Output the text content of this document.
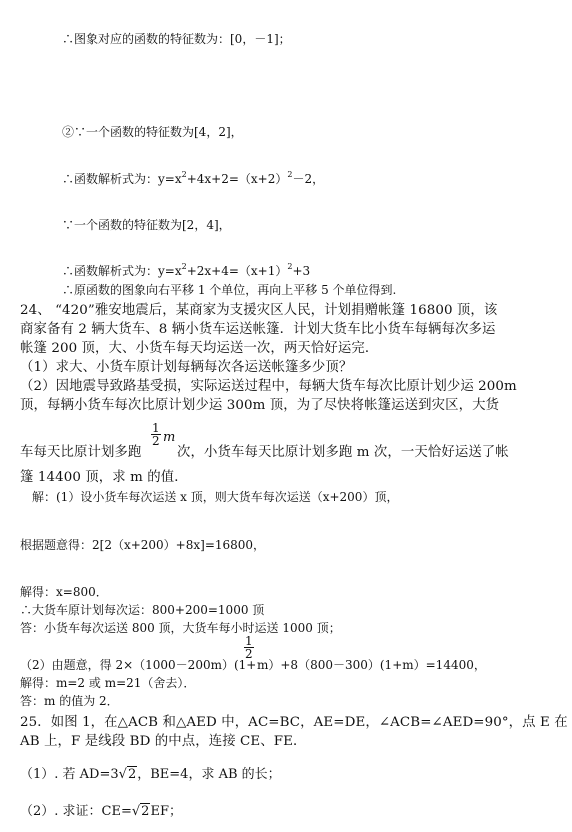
∴图象对应的函数的特征数为：[0，－1]；
②∵一个函数的特征数为[4，2]，
∴函数解析式为：$y=x^2+4x+2=(x+2)^2-2$，
∵一个函数的特征数为[2，4]，
∴函数解析式为：$y=x^2+2x+4=(x+1)^2+3$
∴原函数的图象向右平移 1 个单位，再向上平移 5 个单位得到.
24、 “420”雅安地震后，某商家为支援灾区人民，计划捐赠帐篷 16800 顶，该
商家备有 2 辆大货车、8 辆小货车运送帐篷．计划大货车比小货车每辆每次多运
帐篷 200 顶，大、小货车每天均运送一次，两天恰好运完．
（1）求大、小货车原计划每辆每次各运送帐篷多少顶？
（2）因地震导致路基受损，实际运送过程中，每辆大货车每次比原计划少运 200m
顶，每辆小货车每次比原计划少运 300m 顶，为了尽快将帐篷运送到灾区，大货
车每天比原计划多跑
$\frac{1}{2}$ m
次，小货车每天比原计划多跑 m 次，一天恰好运送了帐
篷 14400 顶，求 m 的值．
解：(1）设小货车每次运送 x 顶，则大货车每次运送（x+200）顶，
根据题意得：2[2（x+200）+8x]=16800，
解得：x=800．
∴大货车原计划每次运：800+200=1000 顶
答：小货车每次运送 800 顶，大货车每小时运送 1000 顶；
$\frac{1}{2}$
（2）由题意，得 2×（1000－200m）(1+ m）+8（800－300）(1+m）=14400，
解得：m=2 或 m=21（舍去）．
答：m 的值为 2．
25．如图 1，在△ACB 和△AED 中，AC=BC，AE=DE，∠ACB=∠AED=90°，点 E 在
AB 上，F 是线段 BD 的中点，连接 CE、FE．
（1）. 若 AD=3√2，BE=4，求 AB 的长；
（2）. 求证：CE=√2EF；
